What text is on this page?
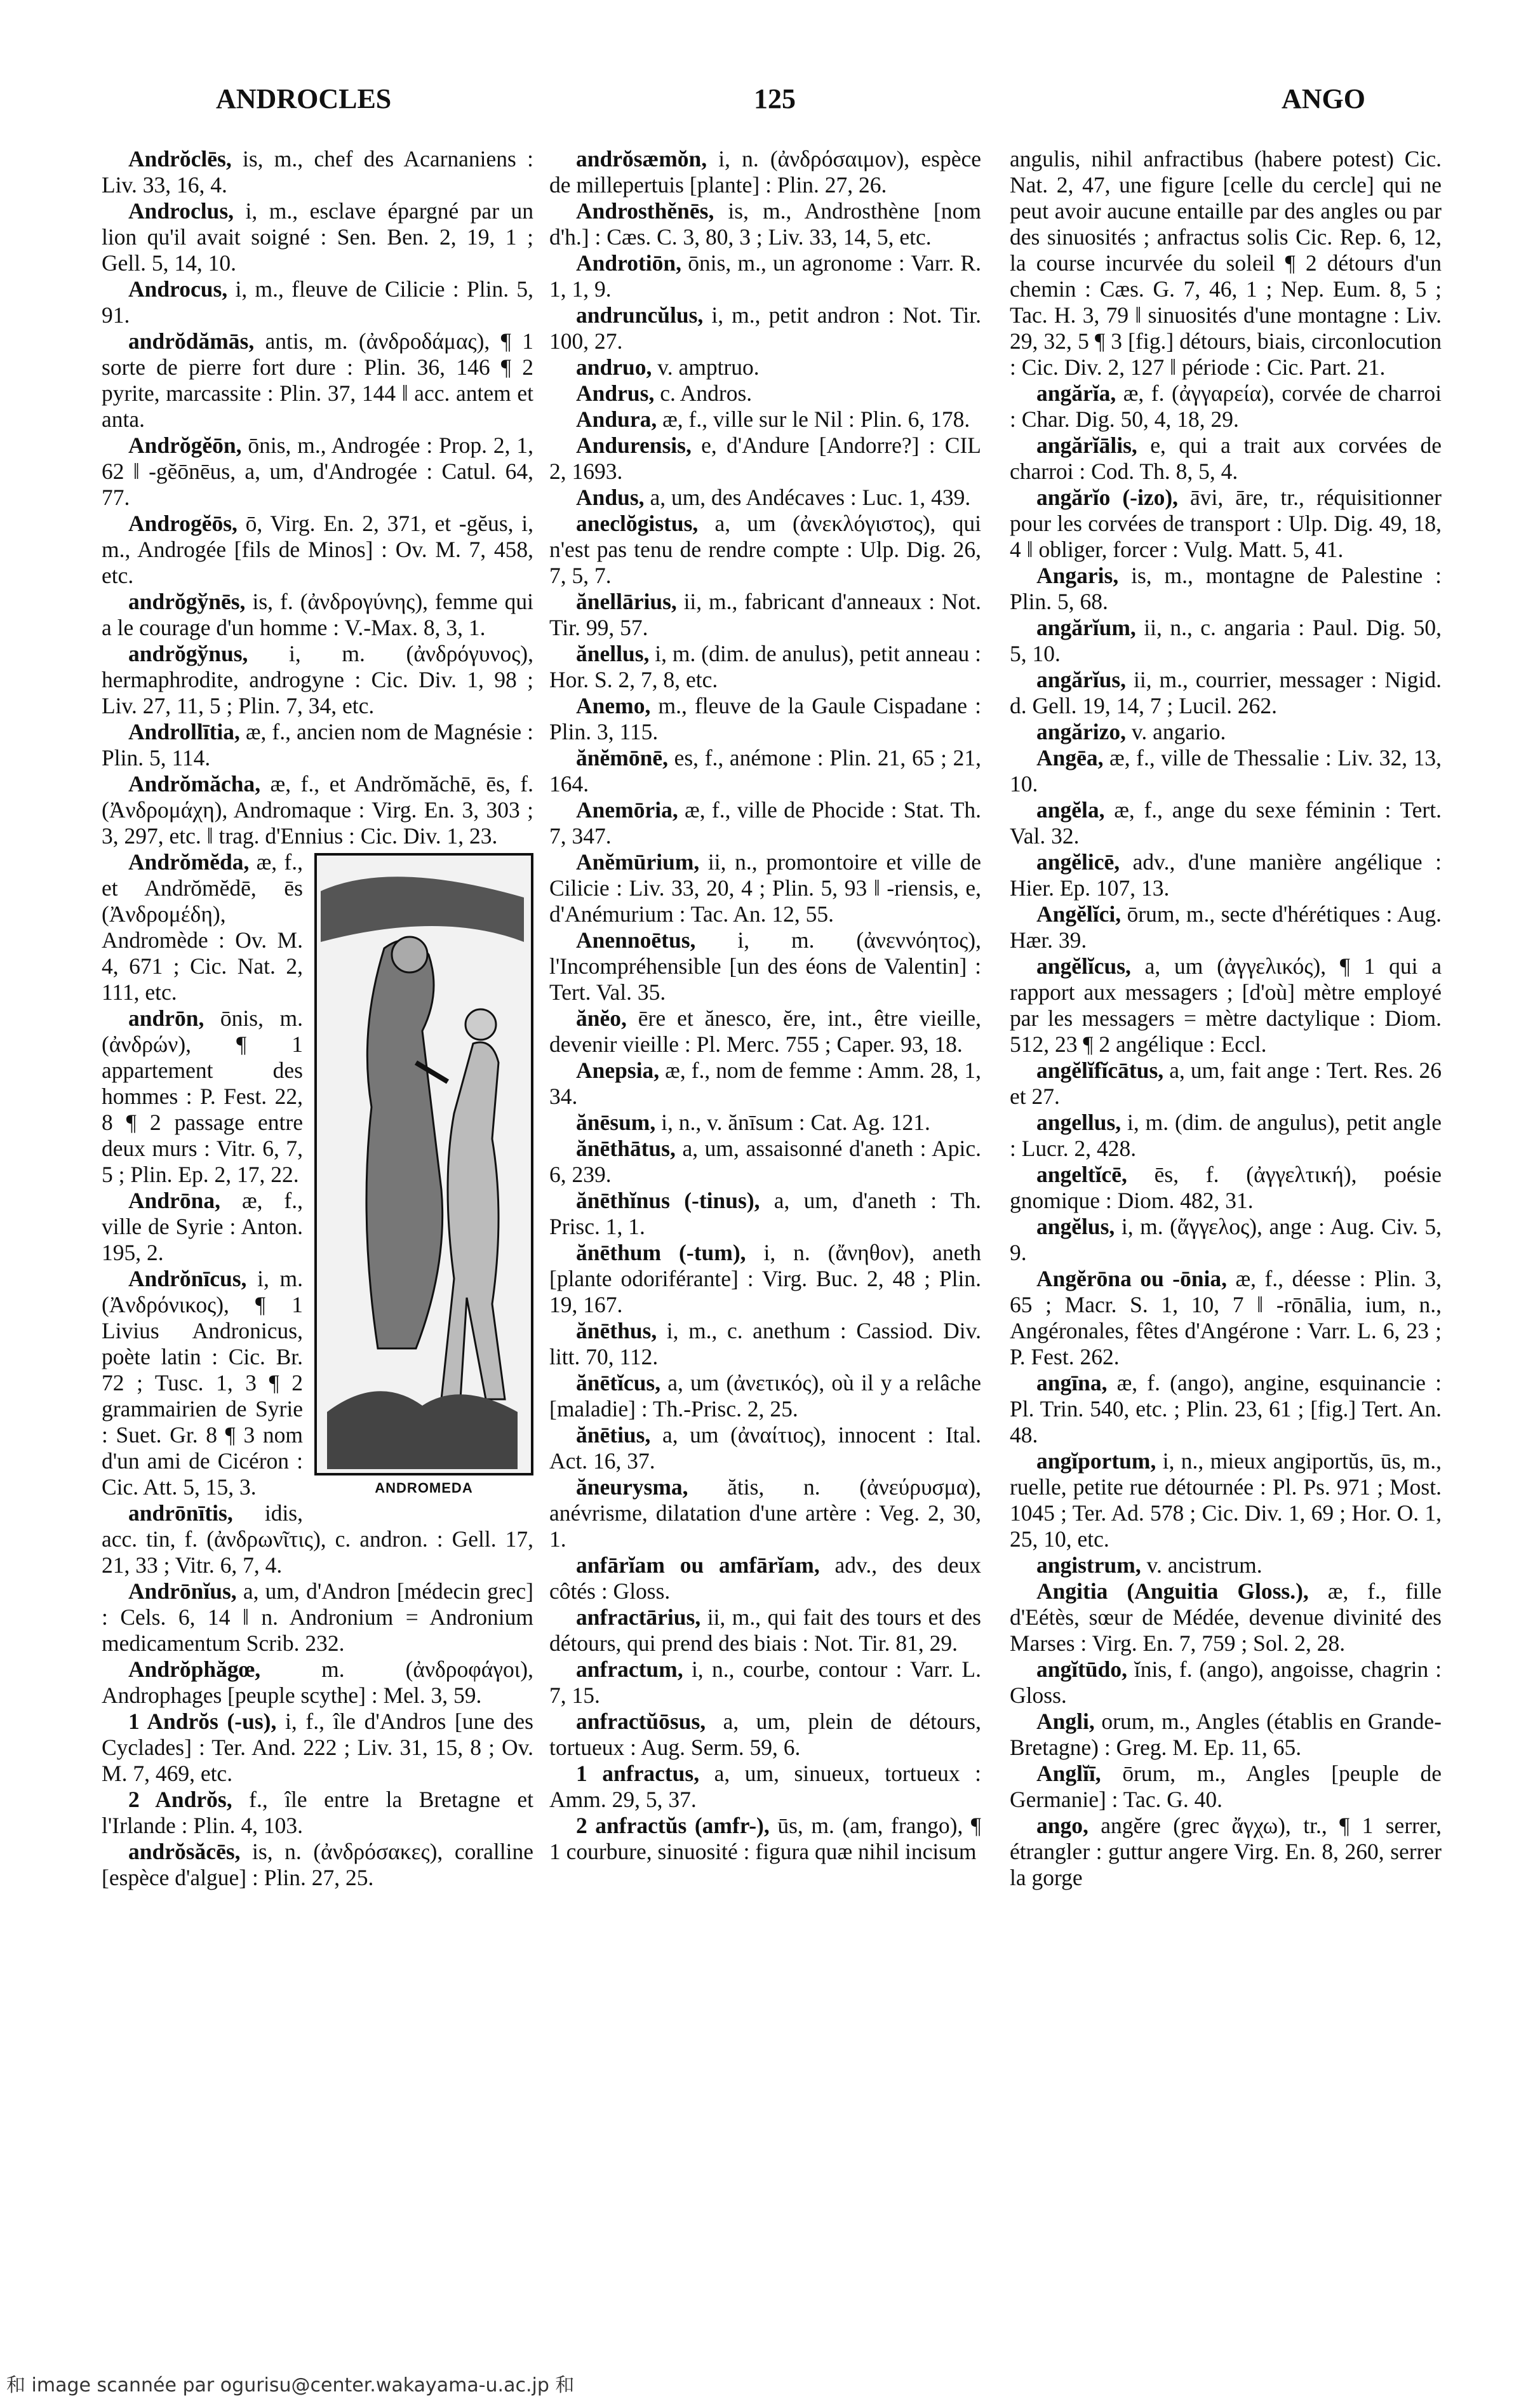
ANDROCLES	125	ANGO

Andrŏclēs, is, m., chef des Acarnaniens : Liv. 33, 16, 4.

Androclus, i, m., esclave épargné par un lion qu'il avait soigné : Sen. Ben. 2, 19, 1 ; Gell. 5, 14, 10.

Androcus, i, m., fleuve de Cilicie : Plin. 5, 91.

andrŏdămās, antis, m. (ἀνδροδάμας), ¶ 1 sorte de pierre fort dure : Plin. 36, 146 ¶ 2 pyrite, marcassite : Plin. 37, 144 ‖ acc. antem et anta.

Andrŏgĕōn, ōnis, m., Androgée : Prop. 2, 1, 62 ‖ -gĕōnēus, a, um, d'Androgée : Catul. 64, 77.

Androgĕōs, ō, Virg. En. 2, 371, et -gĕus, i, m., Androgée [fils de Minos] : Ov. M. 7, 458, etc.

andrŏgўnēs, is, f. (ἀνδρογύνης), femme qui a le courage d'un homme : V.-Max. 8, 3, 1.

andrŏgўnus, i, m. (ἀνδρόγυνος), hermaphrodite, androgyne : Cic. Div. 1, 98 ; Liv. 27, 11, 5 ; Plin. 7, 34, etc.

Androllītia, æ, f., ancien nom de Magnésie : Plin. 5, 114.

Andrŏmăcha, æ, f., et Andrŏmăchē, ēs, f. (Ἀνδρομάχη), Andromaque : Virg. En. 3, 303 ; 3, 297, etc. ‖ trag. d'Ennius : Cic. Div. 1, 23.

ANDROMEDA

Andrŏmĕda, æ, f., et Andrŏmĕdē, ēs (Ἀνδρομέδη), Andromède : Ov. M. 4, 671 ; Cic. Nat. 2, 111, etc.

andrōn, ōnis, m. (ἀνδρών), ¶ 1 appartement des hommes : P. Fest. 22, 8 ¶ 2 passage entre deux murs : Vitr. 6, 7, 5 ; Plin. Ep. 2, 17, 22.

Andrōna, æ, f., ville de Syrie : Anton. 195, 2.

Andrŏnīcus, i, m. (Ἀνδρόνικος), ¶ 1 Livius Andronicus, poète latin : Cic. Br. 72 ; Tusc. 1, 3 ¶ 2 grammairien de Syrie : Suet. Gr. 8 ¶ 3 nom d'un ami de Cicéron : Cic. Att. 5, 15, 3.

andrōnītis, idis, acc. tin, f. (ἀνδρωνῖτις), c. andron. : Gell. 17, 21, 33 ; Vitr. 6, 7, 4.

Andrōnĭus, a, um, d'Andron [médecin grec] : Cels. 6, 14 ‖ n. Andronium = Andronium medicamentum Scrib. 232.

Andrŏphăgœ, m. (ἀνδροφάγοι), Androphages [peuple scythe] : Mel. 3, 59.

1 Andrŏs (-us), i, f., île d'Andros [une des Cyclades] : Ter. And. 222 ; Liv. 31, 15, 8 ; Ov. M. 7, 469, etc.

2 Andrŏs, f., île entre la Bretagne et l'Irlande : Plin. 4, 103.

andrŏsăcēs, is, n. (ἀνδρόσακες), coralline [espèce d'algue] : Plin. 27, 25.

andrŏsæmŏn, i, n. (ἀνδρόσαιμον), espèce de millepertuis [plante] : Plin. 27, 26.

Androsthĕnēs, is, m., Androsthène [nom d'h.] : Cæs. C. 3, 80, 3 ; Liv. 33, 14, 5, etc.

Androtiōn, ōnis, m., un agronome : Varr. R. 1, 1, 9.

andruncŭlus, i, m., petit andron : Not. Tir. 100, 27.

andruo, v. amptruo.

Andrus, c. Andros.

Andura, æ, f., ville sur le Nil : Plin. 6, 178.

Andurensis, e, d'Andure [Andorre?] : CIL 2, 1693.

Andus, a, um, des Andécaves : Luc. 1, 439.

aneclŏgistus, a, um (ἀνεκλόγιστος), qui n'est pas tenu de rendre compte : Ulp. Dig. 26, 7, 5, 7.

ănellārius, ii, m., fabricant d'anneaux : Not. Tir. 99, 57.

ănellus, i, m. (dim. de anulus), petit anneau : Hor. S. 2, 7, 8, etc.

Anemo, m., fleuve de la Gaule Cispadane : Plin. 3, 115.

ănĕmōnē, es, f., anémone : Plin. 21, 65 ; 21, 164.

Anemōria, æ, f., ville de Phocide : Stat. Th. 7, 347.

Anĕmūrium, ii, n., promontoire et ville de Cilicie : Liv. 33, 20, 4 ; Plin. 5, 93 ‖ -riensis, e, d'Anémurium : Tac. An. 12, 55.

Anennoētus, i, m. (ἀνεννόητος), l'Incompréhensible [un des éons de Valentin] : Tert. Val. 35.

ănĕo, ēre et ănesco, ĕre, int., être vieille, devenir vieille : Pl. Merc. 755 ; Caper. 93, 18.

Anepsia, æ, f., nom de femme : Amm. 28, 1, 34.

ănēsum, i, n., v. ănīsum : Cat. Ag. 121.

ănēthātus, a, um, assaisonné d'aneth : Apic. 6, 239.

ănēthĭnus (-tinus), a, um, d'aneth : Th. Prisc. 1, 1.

ănēthum (-tum), i, n. (ἄνηθον), aneth [plante odoriférante] : Virg. Buc. 2, 48 ; Plin. 19, 167.

ănēthus, i, m., c. anethum : Cassiod. Div. litt. 70, 112.

ănētĭcus, a, um (ἀνετικός), où il y a relâche [maladie] : Th.-Prisc. 2, 25.

ănētius, a, um (ἀναίτιος), innocent : Ital. Act. 16, 37.

ăneurysma, ătis, n. (ἀνεύρυσμα), anévrisme, dilatation d'une artère : Veg. 2, 30, 1.

anfārĭam ou amfārĭam, adv., des deux côtés : Gloss.

anfractārius, ii, m., qui fait des tours et des détours, qui prend des biais : Not. Tir. 81, 29.

anfractum, i, n., courbe, contour : Varr. L. 7, 15.

anfractŭōsus, a, um, plein de détours, tortueux : Aug. Serm. 59, 6.

1 anfractus, a, um, sinueux, tortueux : Amm. 29, 5, 37.

2 anfractŭs (amfr-), ūs, m. (am, frango), ¶ 1 courbure, sinuosité : figura quæ nihil incisum

angulis, nihil anfractibus (habere potest) Cic. Nat. 2, 47, une figure [celle du cercle] qui ne peut avoir aucune entaille par des angles ou par des sinuosités ; anfractus solis Cic. Rep. 6, 12, la course incurvée du soleil ¶ 2 détours d'un chemin : Cæs. G. 7, 46, 1 ; Nep. Eum. 8, 5 ; Tac. H. 3, 79 ‖ sinuosités d'une montagne : Liv. 29, 32, 5 ¶ 3 [fig.] détours, biais, circonlocution : Cic. Div. 2, 127 ‖ période : Cic. Part. 21.

angărĭa, æ, f. (ἀγγαρεία), corvée de charroi : Char. Dig. 50, 4, 18, 29.

angărĭālis, e, qui a trait aux corvées de charroi : Cod. Th. 8, 5, 4.

angărĭo (-izo), āvi, āre, tr., réquisitionner pour les corvées de transport : Ulp. Dig. 49, 18, 4 ‖ obliger, forcer : Vulg. Matt. 5, 41.

Angaris, is, m., montagne de Palestine : Plin. 5, 68.

angărĭum, ii, n., c. angaria : Paul. Dig. 50, 5, 10.

angărĭus, ii, m., courrier, messager : Nigid. d. Gell. 19, 14, 7 ; Lucil. 262.

angărizo, v. angario.

Angēa, æ, f., ville de Thessalie : Liv. 32, 13, 10.

angĕla, æ, f., ange du sexe féminin : Tert. Val. 32.

angĕlicē, adv., d'une manière angélique : Hier. Ep. 107, 13.

Angĕlĭci, ōrum, m., secte d'hérétiques : Aug. Hær. 39.

angĕlĭcus, a, um (ἀγγελικός), ¶ 1 qui a rapport aux messagers ; [d'où] mètre employé par les messagers = mètre dactylique : Diom. 512, 23 ¶ 2 angélique : Eccl.

angĕlĭfĭcātus, a, um, fait ange : Tert. Res. 26 et 27.

angellus, i, m. (dim. de angulus), petit angle : Lucr. 2, 428.

angeltĭcē, ēs, f. (ἀγγελτική), poésie gnomique : Diom. 482, 31.

angĕlus, i, m. (ἄγγελος), ange : Aug. Civ. 5, 9.

Angĕrōna ou -ōnia, æ, f., déesse : Plin. 3, 65 ; Macr. S. 1, 10, 7 ‖ -rōnālia, ium, n., Angéronales, fêtes d'Angérone : Varr. L. 6, 23 ; P. Fest. 262.

angīna, æ, f. (ango), angine, esquinancie : Pl. Trin. 540, etc. ; Plin. 23, 61 ; [fig.] Tert. An. 48.

angĭportum, i, n., mieux angiportŭs, ūs, m., ruelle, petite rue détournée : Pl. Ps. 971 ; Most. 1045 ; Ter. Ad. 578 ; Cic. Div. 1, 69 ; Hor. O. 1, 25, 10, etc.

angistrum, v. ancistrum.

Angitia (Anguitia Gloss.), æ, f., fille d'Eétès, sœur de Médée, devenue divinité des Marses : Virg. En. 7, 759 ; Sol. 2, 28.

angĭtūdo, ĭnis, f. (ango), angoisse, chagrin : Gloss.

Angli, orum, m., Angles (établis en Grande-Bretagne) : Greg. M. Ep. 11, 65.

Anglĭī, ōrum, m., Angles [peuple de Germanie] : Tac. G. 40.

ango, angĕre (grec ἄγχω), tr., ¶ 1 serrer, étrangler : guttur angere Virg. En. 8, 260, serrer la gorge

和 image scannée par ogurisu@center.wakayama-u.ac.jp 和
